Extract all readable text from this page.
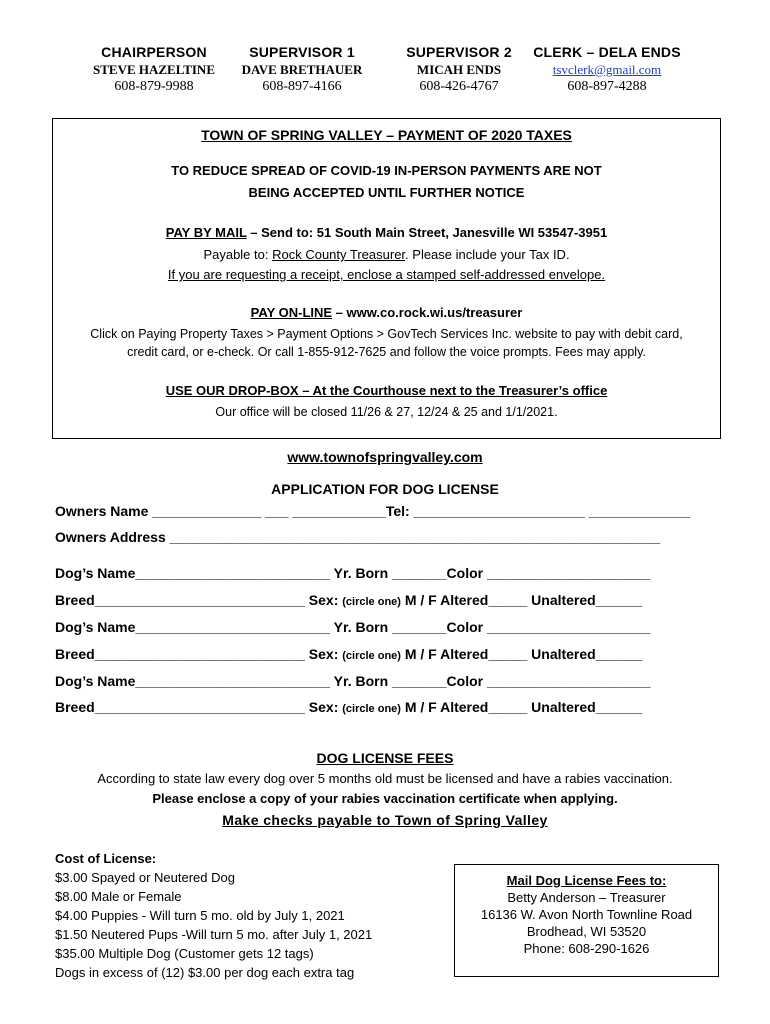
CHAIRPERSON
STEVE HAZELTINE
608-879-9988
SUPERVISOR 1
DAVE BRETHAUER
608-897-4166
SUPERVISOR 2
MICAH ENDS
608-426-4767
CLERK – DELA ENDS
tsvclerk@gmail.com
608-897-4288
TOWN OF SPRING VALLEY – PAYMENT OF 2020 TAXES
TO REDUCE SPREAD OF COVID-19 IN-PERSON PAYMENTS ARE NOT
BEING ACCEPTED UNTIL FURTHER NOTICE
PAY BY MAIL – Send to: 51 South Main Street, Janesville WI 53547-3951
Payable to: Rock County Treasurer. Please include your Tax ID.
If you are requesting a receipt, enclose a stamped self-addressed envelope.
PAY ON-LINE – www.co.rock.wi.us/treasurer
Click on Paying Property Taxes > Payment Options > GovTech Services Inc. website to pay with debit card,
credit card, or e-check. Or call 1-855-912-7625 and follow the voice prompts. Fees may apply.
USE OUR DROP-BOX – At the Courthouse next to the Treasurer’s office
Our office will be closed 11/26 & 27, 12/24 & 25 and 1/1/2021.
www.townofspringvalley.com
APPLICATION FOR DOG LICENSE
Owners Name ______________ ___ ____________Tel: ______________________ _____________
Owners Address _______________________________________________________________
Dog’s Name_________________________ Yr. Born _______Color _____________________
Breed___________________________ Sex: (circle one) M / F Altered_____ Unaltered______
Dog’s Name_________________________ Yr. Born _______Color _____________________
Breed___________________________ Sex: (circle one) M / F Altered_____ Unaltered______
Dog’s Name_________________________ Yr. Born _______Color _____________________
Breed___________________________ Sex: (circle one) M / F Altered_____ Unaltered______
DOG LICENSE FEES
According to state law every dog over 5 months old must be licensed and have a rabies vaccination.
Please enclose a copy of your rabies vaccination certificate when applying.
Make checks payable to Town of Spring Valley
Cost of License:
$3.00 Spayed or Neutered Dog
$8.00 Male or Female
$4.00 Puppies - Will turn 5 mo. old by July 1, 2021
$1.50 Neutered Pups -Will turn 5 mo. after July 1, 2021
$35.00 Multiple Dog (Customer gets 12 tags)
Dogs in excess of (12) $3.00 per dog each extra tag
Mail Dog License Fees to:
Betty Anderson – Treasurer
16136 W. Avon North Townline Road
Brodhead, WI 53520
Phone: 608-290-1626
